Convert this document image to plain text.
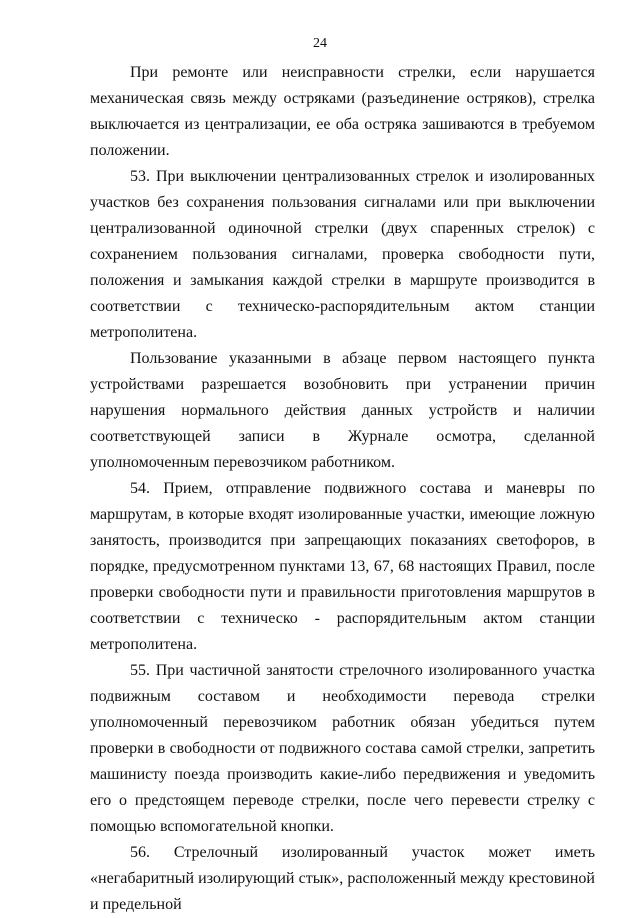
24

При ремонте или неисправности стрелки, если нарушается механическая связь между остряками (разъединение остряков), стрелка выключается из централизации, ее оба остряка зашиваются в требуемом положении.

53. При выключении централизованных стрелок и изолированных участков без сохранения пользования сигналами или при выключении централизованной одиночной стрелки (двух спаренных стрелок) с сохранением пользования сигналами, проверка свободности пути, положения и замыкания каждой стрелки в маршруте производится в соответствии с техническо-распорядительным актом станции метрополитена.

Пользование указанными в абзаце первом настоящего пункта устройствами разрешается возобновить при устранении причин нарушения нормального действия данных устройств и наличии соответствующей записи в Журнале осмотра, сделанной уполномоченным перевозчиком работником.

54. Прием, отправление подвижного состава и маневры по маршрутам, в которые входят изолированные участки, имеющие ложную занятость, производится при запрещающих показаниях светофоров, в порядке, предусмотренном пунктами 13, 67, 68 настоящих Правил, после проверки свободности пути и правильности приготовления маршрутов в соответствии с техническо - распорядительным актом станции метрополитена.

55. При частичной занятости стрелочного изолированного участка подвижным составом и необходимости перевода стрелки уполномоченный перевозчиком работник обязан убедиться путем проверки в свободности от подвижного состава самой стрелки, запретить машинисту поезда производить какие-либо передвижения и уведомить его о предстоящем переводе стрелки, после чего перевести стрелку с помощью вспомогательной кнопки.

56. Стрелочный изолированный участок может иметь «негабаритный изолирующий стык», расположенный между крестовиной и предельной
